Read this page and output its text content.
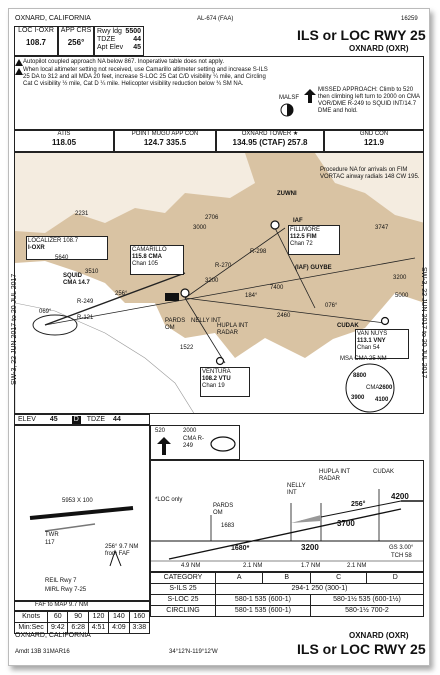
OXNARD, CALIFORNIA	AL-674 (FAA)	16259
ILS or LOC RWY 25
OXNARD (OXR)
LOC I-OXR
108.7
APP CRS
256°
Rwy ldg 5500
TDZE	44
Apt Elev 45
Autopilot coupled approach NA below 867. Inoperative table does not apply.
When local altimeter setting not received, use Camarillo altimeter setting and increase S-ILS 25 DA to 312 and all MDA 20 feet, increase S-LOC 25 Cat C/D visibility ¼ mile, and Circling Cat C visibility ½ mile, Cat D ¼ mile. Helicopter visibility reduction below ¾ SM NA.
MALSF
MISSED APPROACH: Climb to 520 then climbing left turn to 2000 on CMA VOR/DME R-249 to SQUID INT/14.7 DME and hold.
ATIS
118.05
POINT MUGU APP CON
124.7 335.5
OXNARD TOWER ★
134.95 (CTAF) 257.8
GND CON
121.9
Procedure NA for arrivals on FIM VORTAC airway radials 148 CW 195.
ZUWNI
LOCALIZER 108.7
I-OXR	CAMARILLO
115.8 CMA
Chan 105
IAF
FILLMORE
112.5 FIM
Chan 72
(IAF) GUYBE
SQUID CMA 14.7
PARDS OM
NELLY INT
HUPLA INT RADAR
CUDAK
VENTURA
108.2 VTU
Chan 19
VAN NUYS
113.1 VNY
Chan 54
MSA CMA 25 NM
8800
2600
3900 4100
CMA
2231
5640
3000
2706
3747
3510
3200
1522
2460
5000
3200
7400
R-249
R-121
R-270
R-298
076°
256°	184°
069°
SW-3, 22 JUN 2017 to 20 JUL 2017	SW-3, 22 JUN 2017 to 20 JUL 2017
ELEV 45 D TDZE 44
5953 X 100
TWR
117
256° 9.7 NM from FAF
REIL Rwy 7
MIRL Rwy 7-25
*LOC only
PARDS OM
1683
1680*
NELLY INT
HUPLA INT RADAR
CUDAK
4200
3700
3200
256°
GS 3.00°
TCH 58
4.9 NM	2.1 NM	1.7 NM	2.1 NM
520	2000
CMA R-249
CATEGORY	A	B	C	D
S-ILS 25	294-1 250 (300-1)			
S-LOC 25	580-1 535 (600-1)		580-1½ 535 (600-1½)	
CIRCLING	580-1 535 (600-1)		580-1½ 700-2	
FAF to MAP 9.7 NM
Knots	60	90	120	140	160
Min:Sec	9:42	6:28	4:51	4:09	3:38
OXNARD, CALIFORNIA
Amdt 13B 31MAR16	34°12'N-119°12'W
OXNARD (OXR)
ILS or LOC RWY 25
